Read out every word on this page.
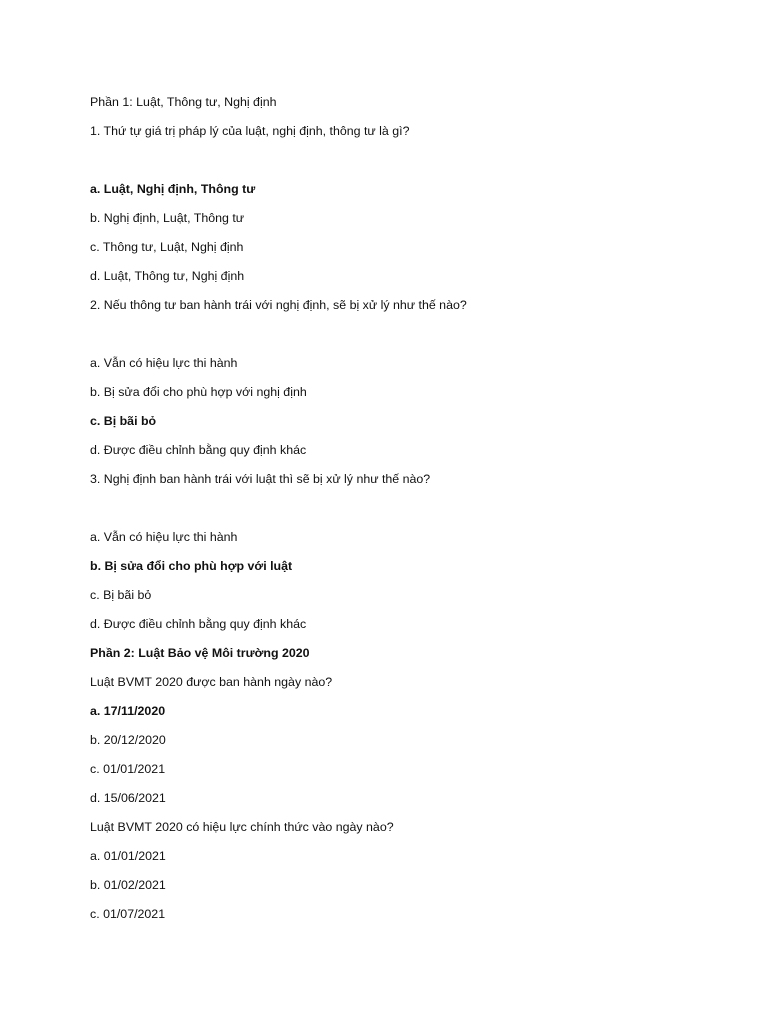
Phần 1: Luật, Thông tư, Nghị định
1. Thứ tự giá trị pháp lý của luật, nghị định, thông tư là gì?
a. Luật, Nghị định, Thông tư
b. Nghị định, Luật, Thông tư
c. Thông tư, Luật, Nghị định
d. Luật, Thông tư, Nghị định
2. Nếu thông tư ban hành trái với nghị định, sẽ bị xử lý như thế nào?
a. Vẫn có hiệu lực thi hành
b. Bị sửa đổi cho phù hợp với nghị định
c. Bị bãi bỏ
d. Được điều chỉnh bằng quy định khác
3. Nghị định ban hành trái với luật thì sẽ bị xử lý như thế nào?
a. Vẫn có hiệu lực thi hành
b. Bị sửa đổi cho phù hợp với luật
c. Bị bãi bỏ
d. Được điều chỉnh bằng quy định khác
Phần 2: Luật Bảo vệ Môi trường 2020
Luật BVMT 2020 được ban hành ngày nào?
a. 17/11/2020
b. 20/12/2020
c. 01/01/2021
d. 15/06/2021
Luật BVMT 2020 có hiệu lực chính thức vào ngày nào?
a. 01/01/2021
b. 01/02/2021
c. 01/07/2021
